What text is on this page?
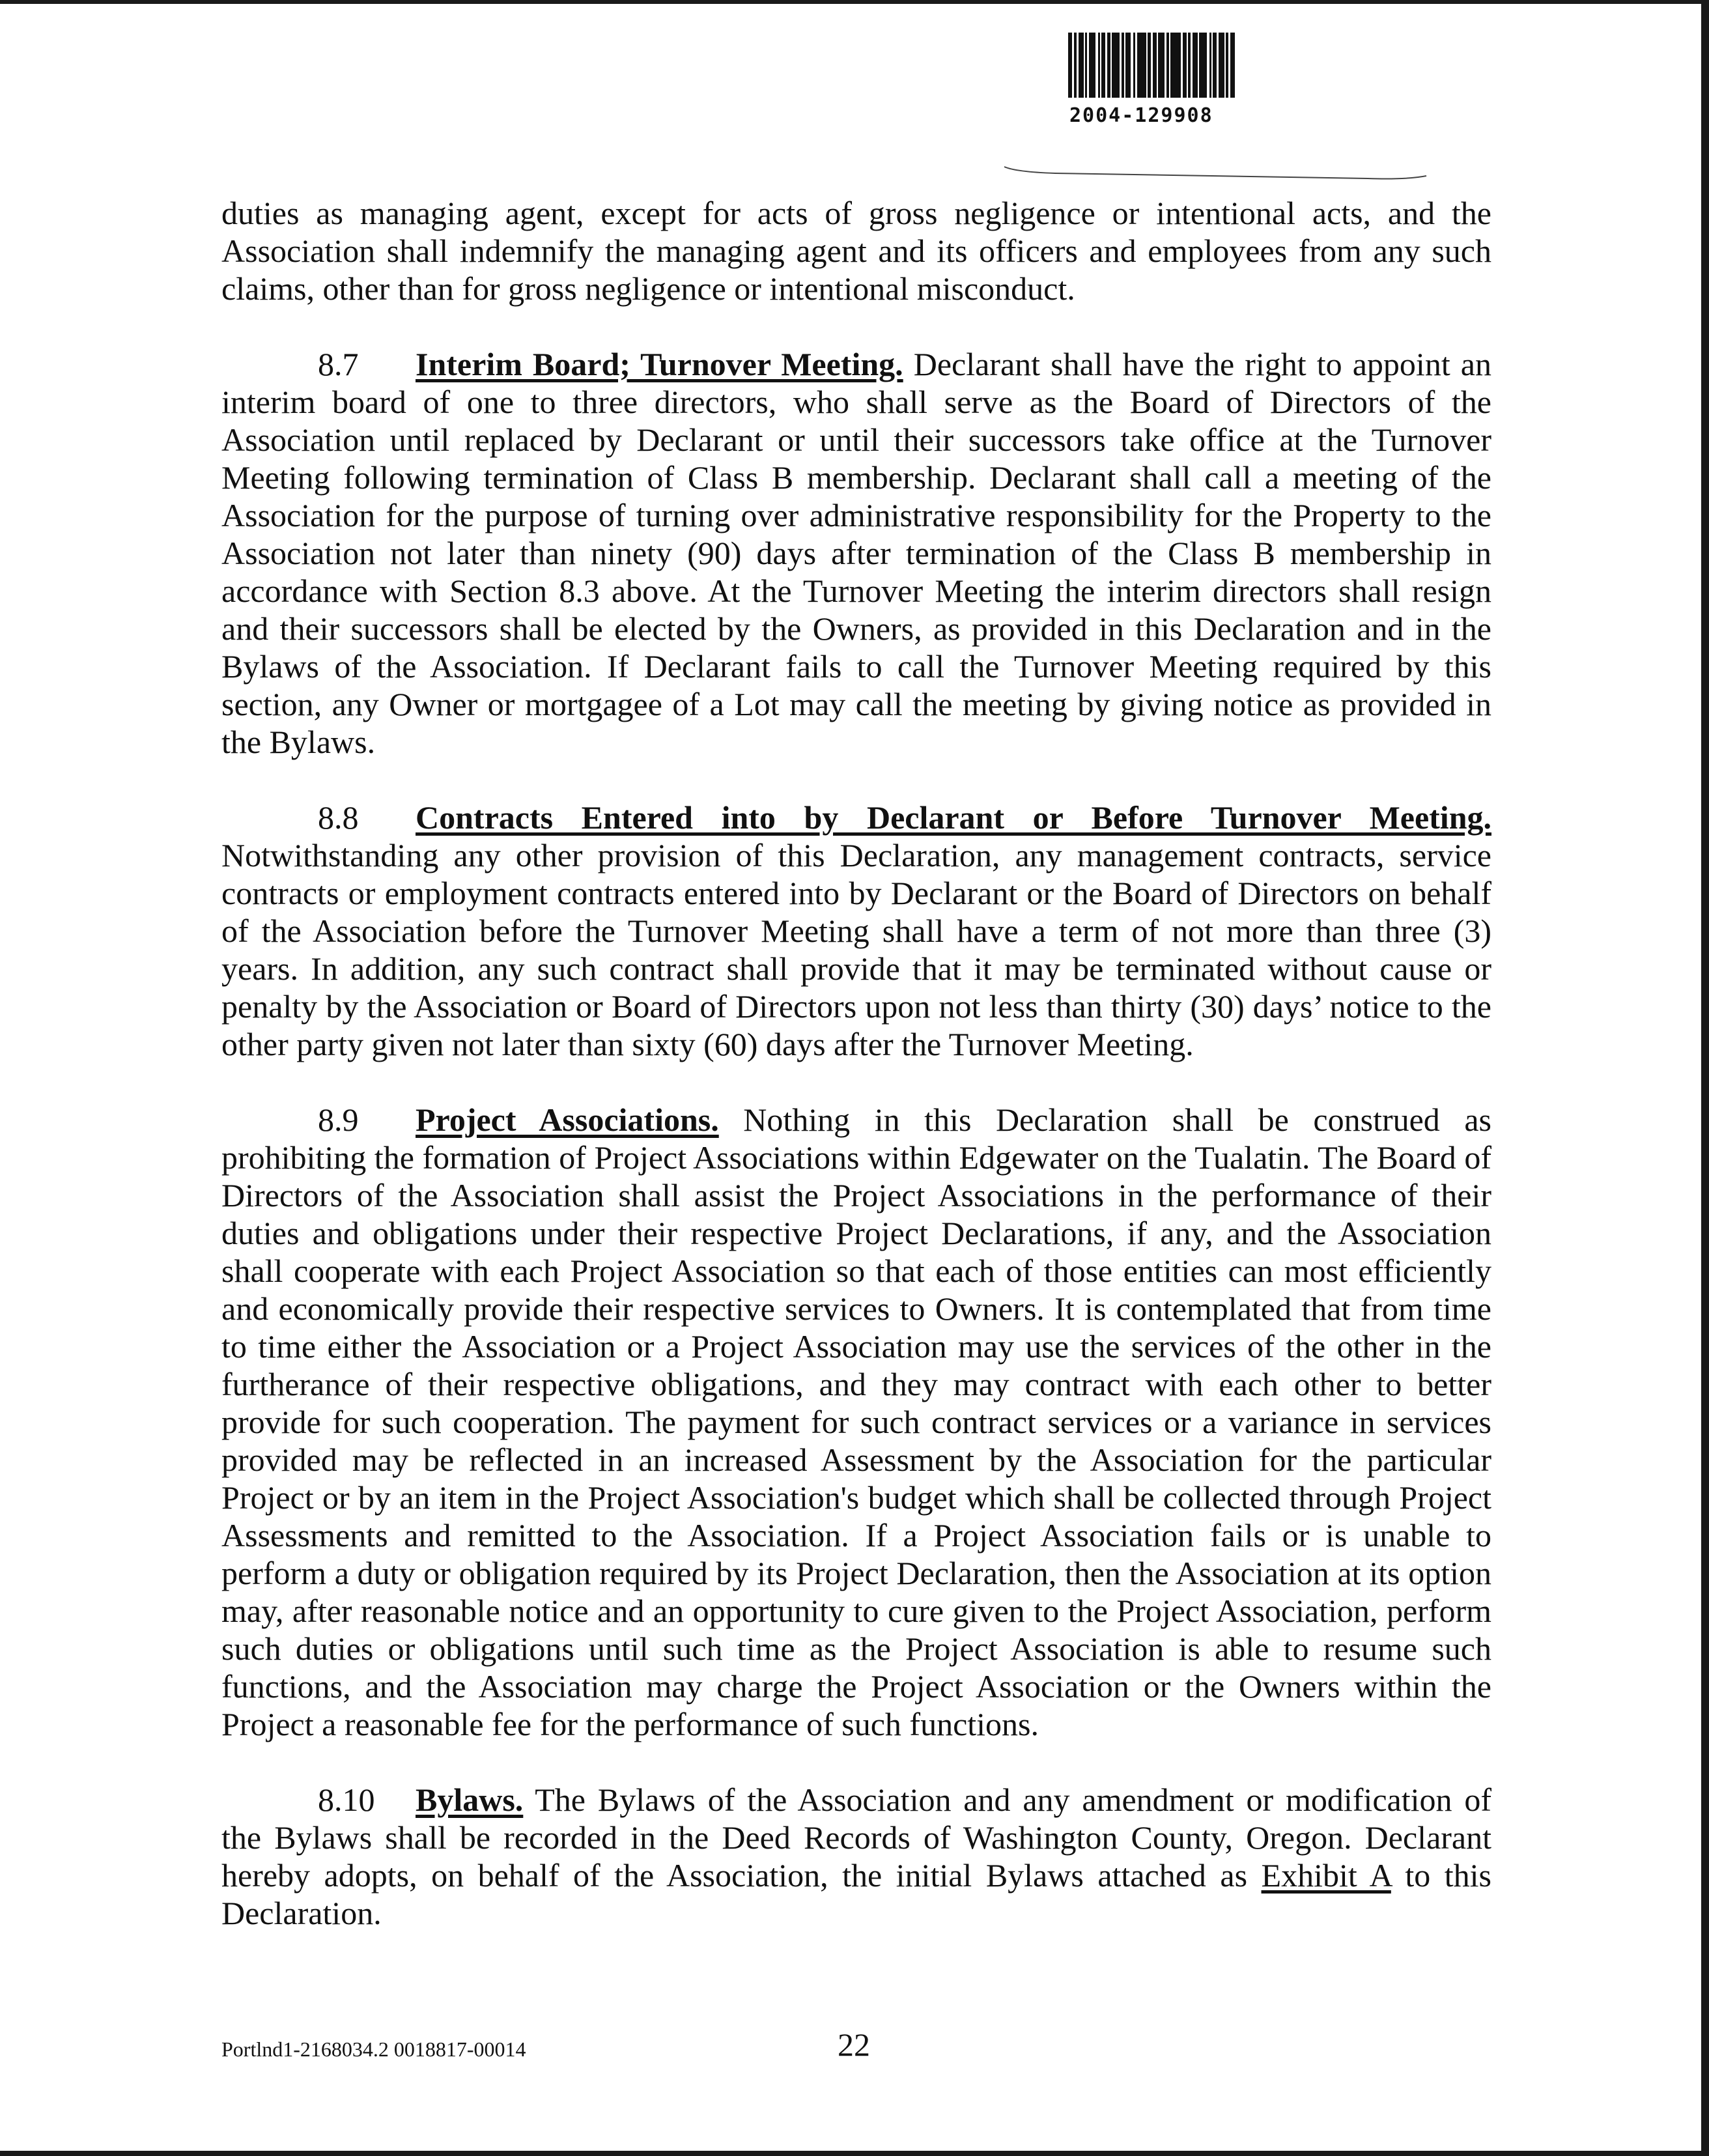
2004-129908

duties as managing agent, except for acts of gross negligence or intentional acts, and the Association shall indemnify the managing agent and its officers and employees from any such claims, other than for gross negligence or intentional misconduct.

8.7 Interim Board; Turnover Meeting. Declarant shall have the right to appoint an interim board of one to three directors, who shall serve as the Board of Directors of the Association until replaced by Declarant or until their successors take office at the Turnover Meeting following termination of Class B membership. Declarant shall call a meeting of the Association for the purpose of turning over administrative responsibility for the Property to the Association not later than ninety (90) days after termination of the Class B membership in accordance with Section 8.3 above. At the Turnover Meeting the interim directors shall resign and their successors shall be elected by the Owners, as provided in this Declaration and in the Bylaws of the Association. If Declarant fails to call the Turnover Meeting required by this section, any Owner or mortgagee of a Lot may call the meeting by giving notice as provided in the Bylaws.

8.8 Contracts Entered into by Declarant or Before Turnover Meeting. Notwithstanding any other provision of this Declaration, any management contracts, service contracts or employment contracts entered into by Declarant or the Board of Directors on behalf of the Association before the Turnover Meeting shall have a term of not more than three (3) years. In addition, any such contract shall provide that it may be terminated without cause or penalty by the Association or Board of Directors upon not less than thirty (30) days’ notice to the other party given not later than sixty (60) days after the Turnover Meeting.

8.9 Project Associations. Nothing in this Declaration shall be construed as prohibiting the formation of Project Associations within Edgewater on the Tualatin. The Board of Directors of the Association shall assist the Project Associations in the performance of their duties and obligations under their respective Project Declarations, if any, and the Association shall cooperate with each Project Association so that each of those entities can most efficiently and economically provide their respective services to Owners. It is contemplated that from time to time either the Association or a Project Association may use the services of the other in the furtherance of their respective obligations, and they may contract with each other to better provide for such cooperation. The payment for such contract services or a variance in services provided may be reflected in an increased Assessment by the Association for the particular Project or by an item in the Project Association's budget which shall be collected through Project Assessments and remitted to the Association. If a Project Association fails or is unable to perform a duty or obligation required by its Project Declaration, then the Association at its option may, after reasonable notice and an opportunity to cure given to the Project Association, perform such duties or obligations until such time as the Project Association is able to resume such functions, and the Association may charge the Project Association or the Owners within the Project a reasonable fee for the performance of such functions.

8.10 Bylaws. The Bylaws of the Association and any amendment or modification of the Bylaws shall be recorded in the Deed Records of Washington County, Oregon. Declarant hereby adopts, on behalf of the Association, the initial Bylaws attached as Exhibit A to this Declaration.

Portlnd1-2168034.2 0018817-00014	22
